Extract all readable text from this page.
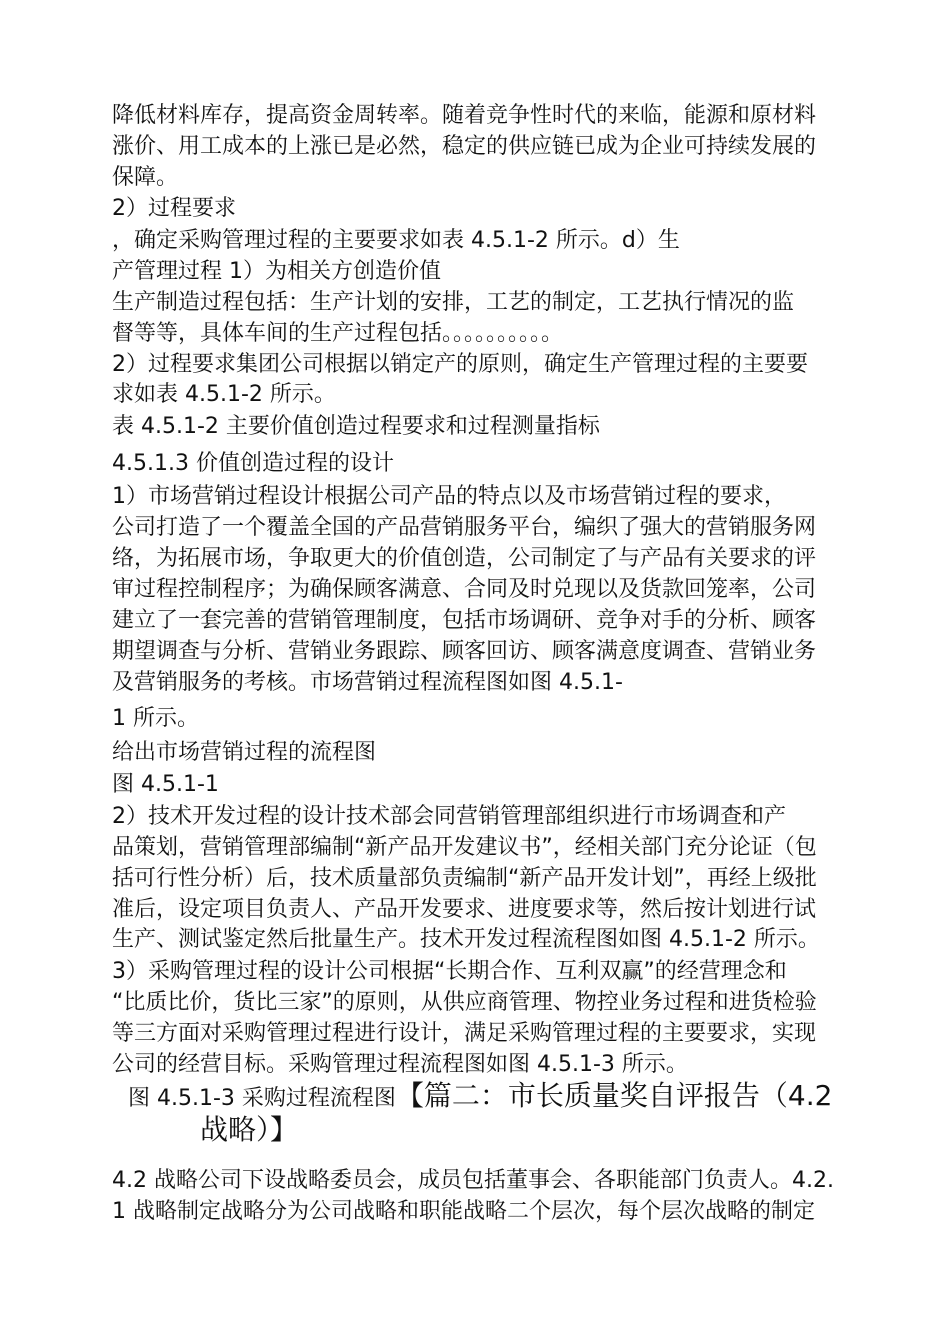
降低材料库存，提高资金周转率。随着竞争性时代的来临，能源和原材料

涨价、用工成本的上涨已是必然，稳定的供应链已成为企业可持续发展的

保障。

2）过程要求

，确定采购管理过程的主要要求如表 4.5.1-2 所示。d）生

产管理过程 1）为相关方创造价值

生产制造过程包括：生产计划的安排，工艺的制定，工艺执行情况的监

督等等，具体车间的生产过程包括。。。。。。。。。。

2）过程要求集团公司根据以销定产的原则，确定生产管理过程的主要要

求如表 4.5.1-2 所示。

表 4.5.1-2 主要价值创造过程要求和过程测量指标

4.5.1.3 价值创造过程的设计

1）市场营销过程设计根据公司产品的特点以及市场营销过程的要求，

公司打造了一个覆盖全国的产品营销服务平台，编织了强大的营销服务网

络，为拓展市场，争取更大的价值创造，公司制定了与产品有关要求的评

审过程控制程序；为确保顾客满意、合同及时兑现以及货款回笼率，公司

建立了一套完善的营销管理制度，包括市场调研、竞争对手的分析、顾客

期望调查与分析、营销业务跟踪、顾客回访、顾客满意度调查、营销业务

及营销服务的考核。市场营销过程流程图如图 4.5.1-

1 所示。

给出市场营销过程的流程图

图 4.5.1-1

2）技术开发过程的设计技术部会同营销管理部组织进行市场调查和产

品策划，营销管理部编制“新产品开发建议书”，经相关部门充分论证（包

括可行性分析）后，技术质量部负责编制“新产品开发计划”，再经上级批

准后，设定项目负责人、产品开发要求、进度要求等，然后按计划进行试

生产、测试鉴定然后批量生产。技术开发过程流程图如图 4.5.1-2 所示。

3）采购管理过程的设计公司根据“长期合作、互利双赢”的经营理念和

“比质比价，货比三家”的原则，从供应商管理、物控业务过程和进货检验

等三方面对采购管理过程进行设计，满足采购管理过程的主要要求，实现

公司的经营目标。采购管理过程流程图如图 4.5.1-3 所示。

图 4.5.1-3 采购过程流程图【篇二：市长质量奖自评报告（4.2

战略）】

4.2 战略公司下设战略委员会，成员包括董事会、各职能部门负责人。4.2.

1 战略制定战略分为公司战略和职能战略二个层次，每个层次战略的制定
